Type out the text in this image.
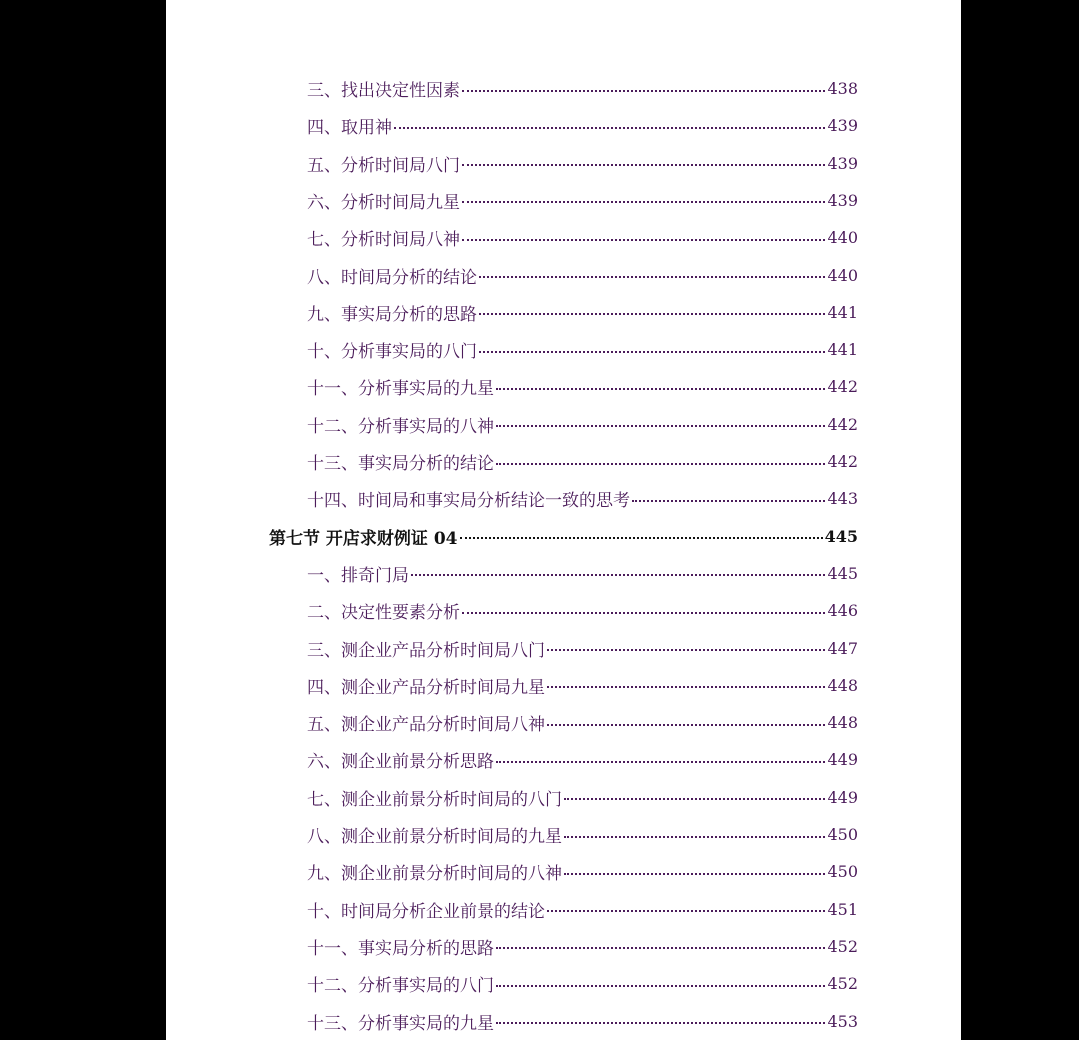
三、找出决定性因素	438
四、取用神	439
五、分析时间局八门	439
六、分析时间局九星	439
七、分析时间局八神	440
八、时间局分析的结论	440
九、事实局分析的思路	441
十、分析事实局的八门	441
十一、分析事实局的九星	442
十二、分析事实局的八神	442
十三、事实局分析的结论	442
十四、时间局和事实局分析结论一致的思考	443
第七节 开店求财例证 04	445
一、排奇门局	445
二、决定性要素分析	446
三、测企业产品分析时间局八门	447
四、测企业产品分析时间局九星	448
五、测企业产品分析时间局八神	448
六、测企业前景分析思路	449
七、测企业前景分析时间局的八门	449
八、测企业前景分析时间局的九星	450
九、测企业前景分析时间局的八神	450
十、时间局分析企业前景的结论	451
十一、事实局分析的思路	452
十二、分析事实局的八门	452
十三、分析事实局的九星	453
